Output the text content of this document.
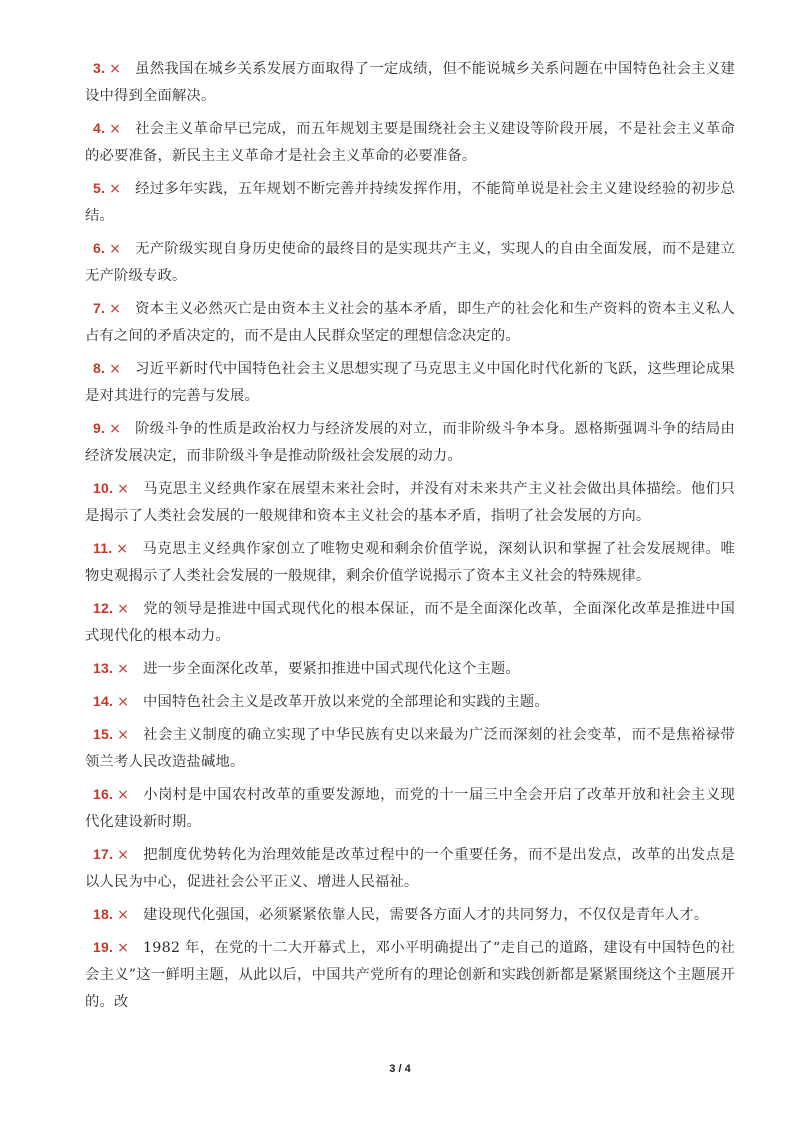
3. × 虽然我国在城乡关系发展方面取得了一定成绩，但不能说城乡关系问题在中国特色社会主义建设中得到全面解决。
4. × 社会主义革命早已完成，而五年规划主要是围绕社会主义建设等阶段开展，不是社会主义革命的必要准备，新民主主义革命才是社会主义革命的必要准备。
5. × 经过多年实践，五年规划不断完善并持续发挥作用，不能简单说是社会主义建设经验的初步总结。
6. × 无产阶级实现自身历史使命的最终目的是实现共产主义，实现人的自由全面发展，而不是建立无产阶级专政。
7. × 资本主义必然灭亡是由资本主义社会的基本矛盾，即生产的社会化和生产资料的资本主义私人占有之间的矛盾决定的，而不是由人民群众坚定的理想信念决定的。
8. × 习近平新时代中国特色社会主义思想实现了马克思主义中国化时代化新的飞跃，这些理论成果是对其进行的完善与发展。
9. × 阶级斗争的性质是政治权力与经济发展的对立，而非阶级斗争本身。恩格斯强调斗争的结局由经济发展决定，而非阶级斗争是推动阶级社会发展的动力。
10. × 马克思主义经典作家在展望未来社会时，并没有对未来共产主义社会做出具体描绘。他们只是揭示了人类社会发展的一般规律和资本主义社会的基本矛盾，指明了社会发展的方向。
11. × 马克思主义经典作家创立了唯物史观和剩余价值学说，深刻认识和掌握了社会发展规律。唯物史观揭示了人类社会发展的一般规律，剩余价值学说揭示了资本主义社会的特殊规律。
12. × 党的领导是推进中国式现代化的根本保证，而不是全面深化改革，全面深化改革是推进中国式现代化的根本动力。
13. × 进一步全面深化改革，要紧扣推进中国式现代化这个主题。
14. × 中国特色社会主义是改革开放以来党的全部理论和实践的主题。
15. × 社会主义制度的确立实现了中华民族有史以来最为广泛而深刻的社会变革，而不是焦裕禄带领兰考人民改造盐碱地。
16. × 小岗村是中国农村改革的重要发源地，而党的十一届三中全会开启了改革开放和社会主义现代化建设新时期。
17. × 把制度优势转化为治理效能是改革过程中的一个重要任务，而不是出发点，改革的出发点是以人民为中心，促进社会公平正义、增进人民福祉。
18. × 建设现代化强国，必须紧紧依靠人民，需要各方面人才的共同努力，不仅仅是青年人才。
19. × 1982 年，在党的十二大开幕式上，邓小平明确提出了“走自己的道路，建设有中国特色的社会主义”这一鲜明主题，从此以后，中国共产党所有的理论创新和实践创新都是紧紧围绕这个主题展开的。改
3 / 4
